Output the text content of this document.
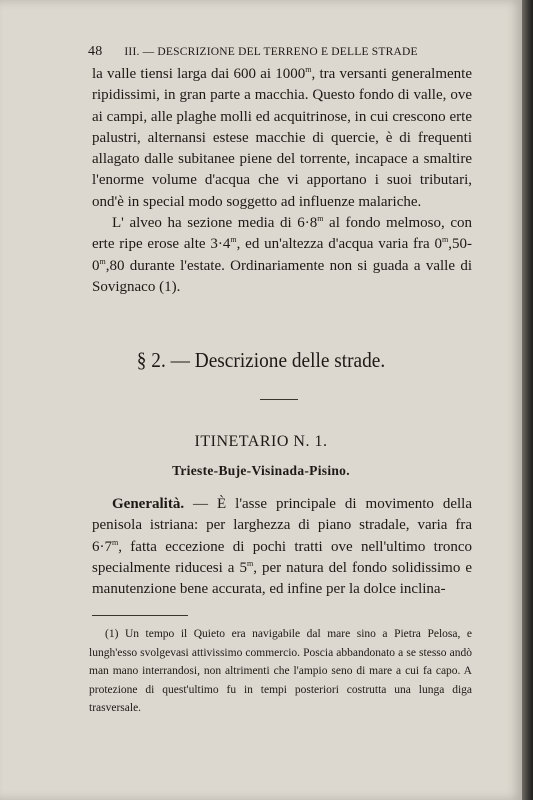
48 III. — DESCRIZIONE DEL TERRENO E DELLE STRADE

la valle tiensi larga dai 600 ai 1000$^m$, tra versanti generalmente ripidissimi, in gran parte a macchia. Questo fondo di valle, ove ai campi, alle plaghe molli ed acquitrinose, in cui crescono erte palustri, alternansi estese macchie di quercie, è di frequenti allagato dalle subitanee piene del torrente, incapace a smaltire l'enorme volume d'acqua che vi apportano i suoi tributari, ond'è in special modo soggetto ad influenze malariche.

L' alveo ha sezione media di $6\cdot 8^m$ al fondo melmoso, con erte ripe erose alte $3\cdot 4^m$, ed un'altezza d'acqua varia fra 0$^m$,50-0$^m$,80 durante l'estate. Ordinariamente non si guada a valle di Sovignaco (1).

§ 2. — Descrizione delle strade.
ITINETARIO N. 1.
Trieste-Buje-Visinada-Pisino.

Generalità. — È l'asse principale di movimento della penisola istriana: per larghezza di piano stradale, varia fra $6\cdot 7^m$, fatta eccezione di pochi tratti ove nell'ultimo tronco specialmente riducesi a 5$^m$, per natura del fondo solidissimo e manutenzione bene accurata, ed infine per la dolce inclina-

(1) Un tempo il Quieto era navigabile dal mare sino a Pietra Pelosa, e lungh'esso svolgevasi attivissimo commercio. Poscia abbandonato a se stesso andò man mano interrandosi, non altrimenti che l'ampio seno di mare a cui fa capo. A protezione di quest'ultimo fu in tempi posteriori costrutta una lunga diga trasversale.
